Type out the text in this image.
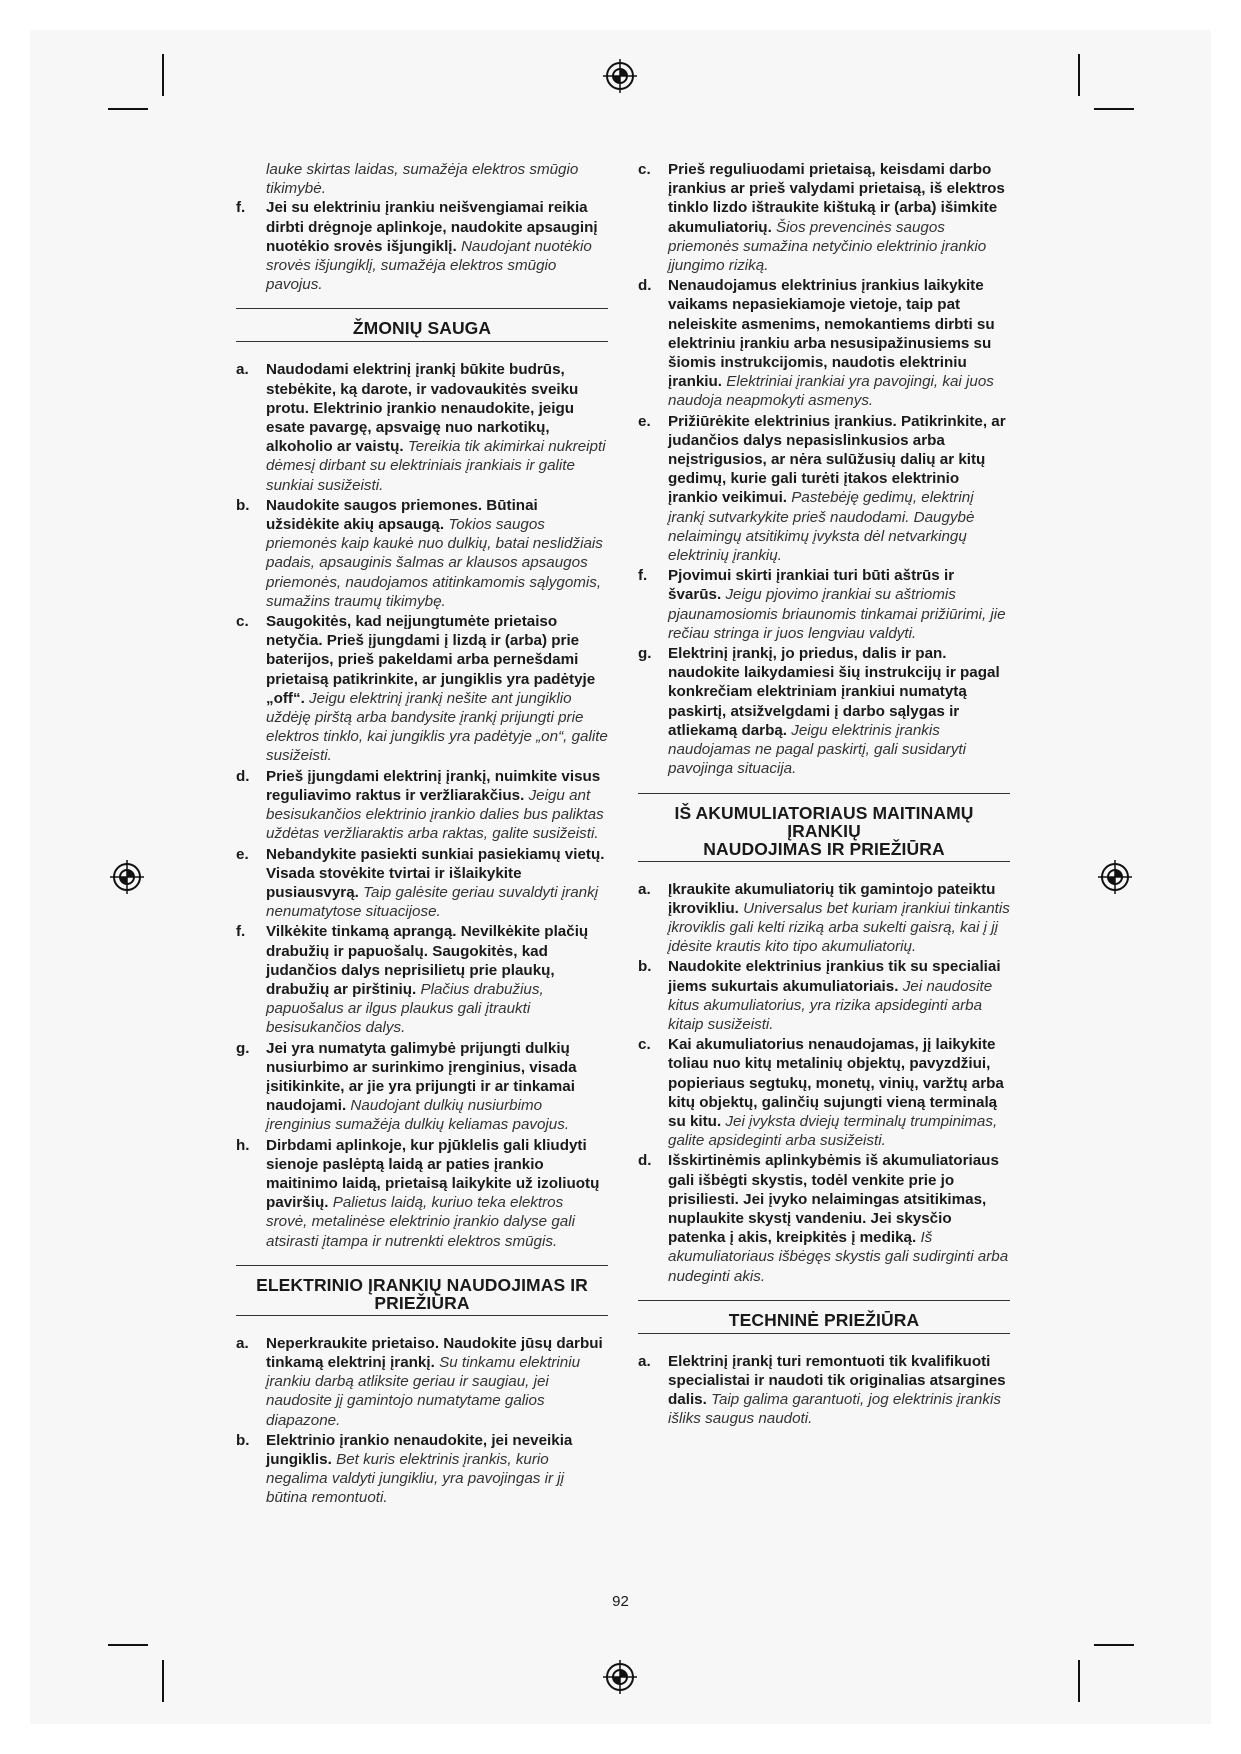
lauke skirtas laidas, sumažėja elektros smūgio tikimybė.
f.	Jei su elektriniu įrankiu neišvengiamai reikia dirbti drėgnoje aplinkoje, naudokite apsauginį nuotėkio srovės išjungiklį. Naudojant nuotėkio srovės išjungiklį, sumažėja elektros smūgio pavojus.
ŽMONIŲ SAUGA
a.	Naudodami elektrinį įrankį būkite budrūs, stebėkite, ką darote, ir vadovaukitės sveiku protu. Elektrinio įrankio nenaudokite, jeigu esate pavargę, apsvaigę nuo narkotikų, alkoholio ar vaistų. Tereikia tik akimirkai nukreipti dėmesį dirbant su elektriniais įrankiais ir galite sunkiai susižeisti.
b.	Naudokite saugos priemones. Būtinai užsidėkite akių apsaugą. Tokios saugos priemonės kaip kaukė nuo dulkių, batai neslidžiais padais, apsauginis šalmas ar klausos apsaugos priemonės, naudojamos atitinkamomis sąlygomis, sumažins traumų tikimybę.
c.	Saugokitės, kad neįjungtumėte prietaiso netyčia. Prieš įjungdami į lizdą ir (arba) prie baterijos, prieš pakeldami arba pernešdami prietaisą patikrinkite, ar jungiklis yra padėtyje „off“. Jeigu elektrinį įrankį nešite ant jungiklio uždėję pirštą arba bandysite įrankį prijungti prie elektros tinklo, kai jungiklis yra padėtyje „on“, galite susižeisti.
d.	Prieš įjungdami elektrinį įrankį, nuimkite visus reguliavimo raktus ir veržliarakčius. Jeigu ant besisukančios elektrinio įrankio dalies bus paliktas uždėtas veržliaraktis arba raktas, galite susižeisti.
e.	Nebandykite pasiekti sunkiai pasiekiamų vietų. Visada stovėkite tvirtai ir išlaikykite pusiausvyrą. Taip galėsite geriau suvaldyti įrankį nenumatytose situacijose.
f.	Vilkėkite tinkamą aprangą. Nevilkėkite plačių drabužių ir papuošalų. Saugokitės, kad judančios dalys neprisilietų prie plaukų, drabužių ar pirštinių. Plačius drabužius, papuošalus ar ilgus plaukus gali įtraukti besisukančios dalys.
g.	Jei yra numatyta galimybė prijungti dulkių nusiurbimo ar surinkimo įrenginius, visada įsitikinkite, ar jie yra prijungti ir ar tinkamai naudojami. Naudojant dulkių nusiurbimo įrenginius sumažėja dulkių keliamas pavojus.
h.	Dirbdami aplinkoje, kur pjūklelis gali kliudyti sienoje paslėptą laidą ar paties įrankio maitinimo laidą, prietaisą laikykite už izoliuotų paviršių. Palietus laidą, kuriuo teka elektros srovė, metalinėse elektrinio įrankio dalyse gali atsirasti įtampa ir nutrenkti elektros smūgis.
ELEKTRINIO ĮRANKIŲ NAUDOJIMAS IR
PRIEŽIŪRA
a.	Neperkraukite prietaiso. Naudokite jūsų darbui tinkamą elektrinį įrankį. Su tinkamu elektriniu įrankiu darbą atliksite geriau ir saugiau, jei naudosite jį gamintojo numatytame galios diapazone.
b.	Elektrinio įrankio nenaudokite, jei neveikia jungiklis. Bet kuris elektrinis įrankis, kurio negalima valdyti jungikliu, yra pavojingas ir jį būtina remontuoti.
c.	Prieš reguliuodami prietaisą, keisdami darbo įrankius ar prieš valydami prietaisą, iš elektros tinklo lizdo ištraukite kištuką ir (arba) išimkite akumuliatorių. Šios prevencinės saugos priemonės sumažina netyčinio elektrinio įrankio įjungimo riziką.
d.	Nenaudojamus elektrinius įrankius laikykite vaikams nepasiekiamoje vietoje, taip pat neleiskite asmenims, nemokantiems dirbti su elektriniu įrankiu arba nesusipažinusiems su šiomis instrukcijomis, naudotis elektriniu įrankiu. Elektriniai įrankiai yra pavojingi, kai juos naudoja neapmokyti asmenys.
e.	Prižiūrėkite elektrinius įrankius. Patikrinkite, ar judančios dalys nepasislinkusios arba neįstrigusios, ar nėra sulūžusių dalių ar kitų gedimų, kurie gali turėti įtakos elektrinio įrankio veikimui. Pastebėję gedimų, elektrinį įrankį sutvarkykite prieš naudodami. Daugybė nelaimingų atsitikimų įvyksta dėl netvarkingų elektrinių įrankių.
f.	Pjovimui skirti įrankiai turi būti aštrūs ir švarūs. Jeigu pjovimo įrankiai su aštriomis pjaunamosiomis briaunomis tinkamai prižiūrimi, jie rečiau stringa ir juos lengviau valdyti.
g.	Elektrinį įrankį, jo priedus, dalis ir pan. naudokite laikydamiesi šių instrukcijų ir pagal konkrečiam elektriniam įrankiui numatytą paskirtį, atsižvelgdami į darbo sąlygas ir atliekamą darbą. Jeigu elektrinis įrankis naudojamas ne pagal paskirtį, gali susidaryti pavojinga situacija.
IŠ AKUMULIATORIAUS MAITINAMŲ ĮRANKIŲ
NAUDOJIMAS IR PRIEŽIŪRA
a.	Įkraukite akumuliatorių tik gamintojo pateiktu įkrovikliu. Universalus bet kuriam įrankiui tinkantis įkroviklis gali kelti riziką arba sukelti gaisrą, kai į jį įdėsite krautis kito tipo akumuliatorių.
b.	Naudokite elektrinius įrankius tik su specialiai jiems sukurtais akumuliatoriais. Jei naudosite kitus akumuliatorius, yra rizika apsideginti arba kitaip susižeisti.
c.	Kai akumuliatorius nenaudojamas, jį laikykite toliau nuo kitų metalinių objektų, pavyzdžiui, popieriaus segtukų, monetų, vinių, varžtų arba kitų objektų, galinčių sujungti vieną terminalą su kitu. Jei įvyksta dviejų terminalų trumpinimas, galite apsideginti arba susižeisti.
d.	Išskirtinėmis aplinkybėmis iš akumuliatoriaus gali išbėgti skystis, todėl venkite prie jo prisiliesti. Jei įvyko nelaimingas atsitikimas, nuplaukite skystį vandeniu. Jei skysčio patenka į akis, kreipkitės į mediką. Iš akumuliatoriaus išbėgęs skystis gali sudirginti arba nudeginti akis.
TECHNINĖ PRIEŽIŪRA
a.	Elektrinį įrankį turi remontuoti tik kvalifikuoti specialistai ir naudoti tik originalias atsargines dalis. Taip galima garantuoti, jog elektrinis įrankis išliks saugus naudoti.
92
